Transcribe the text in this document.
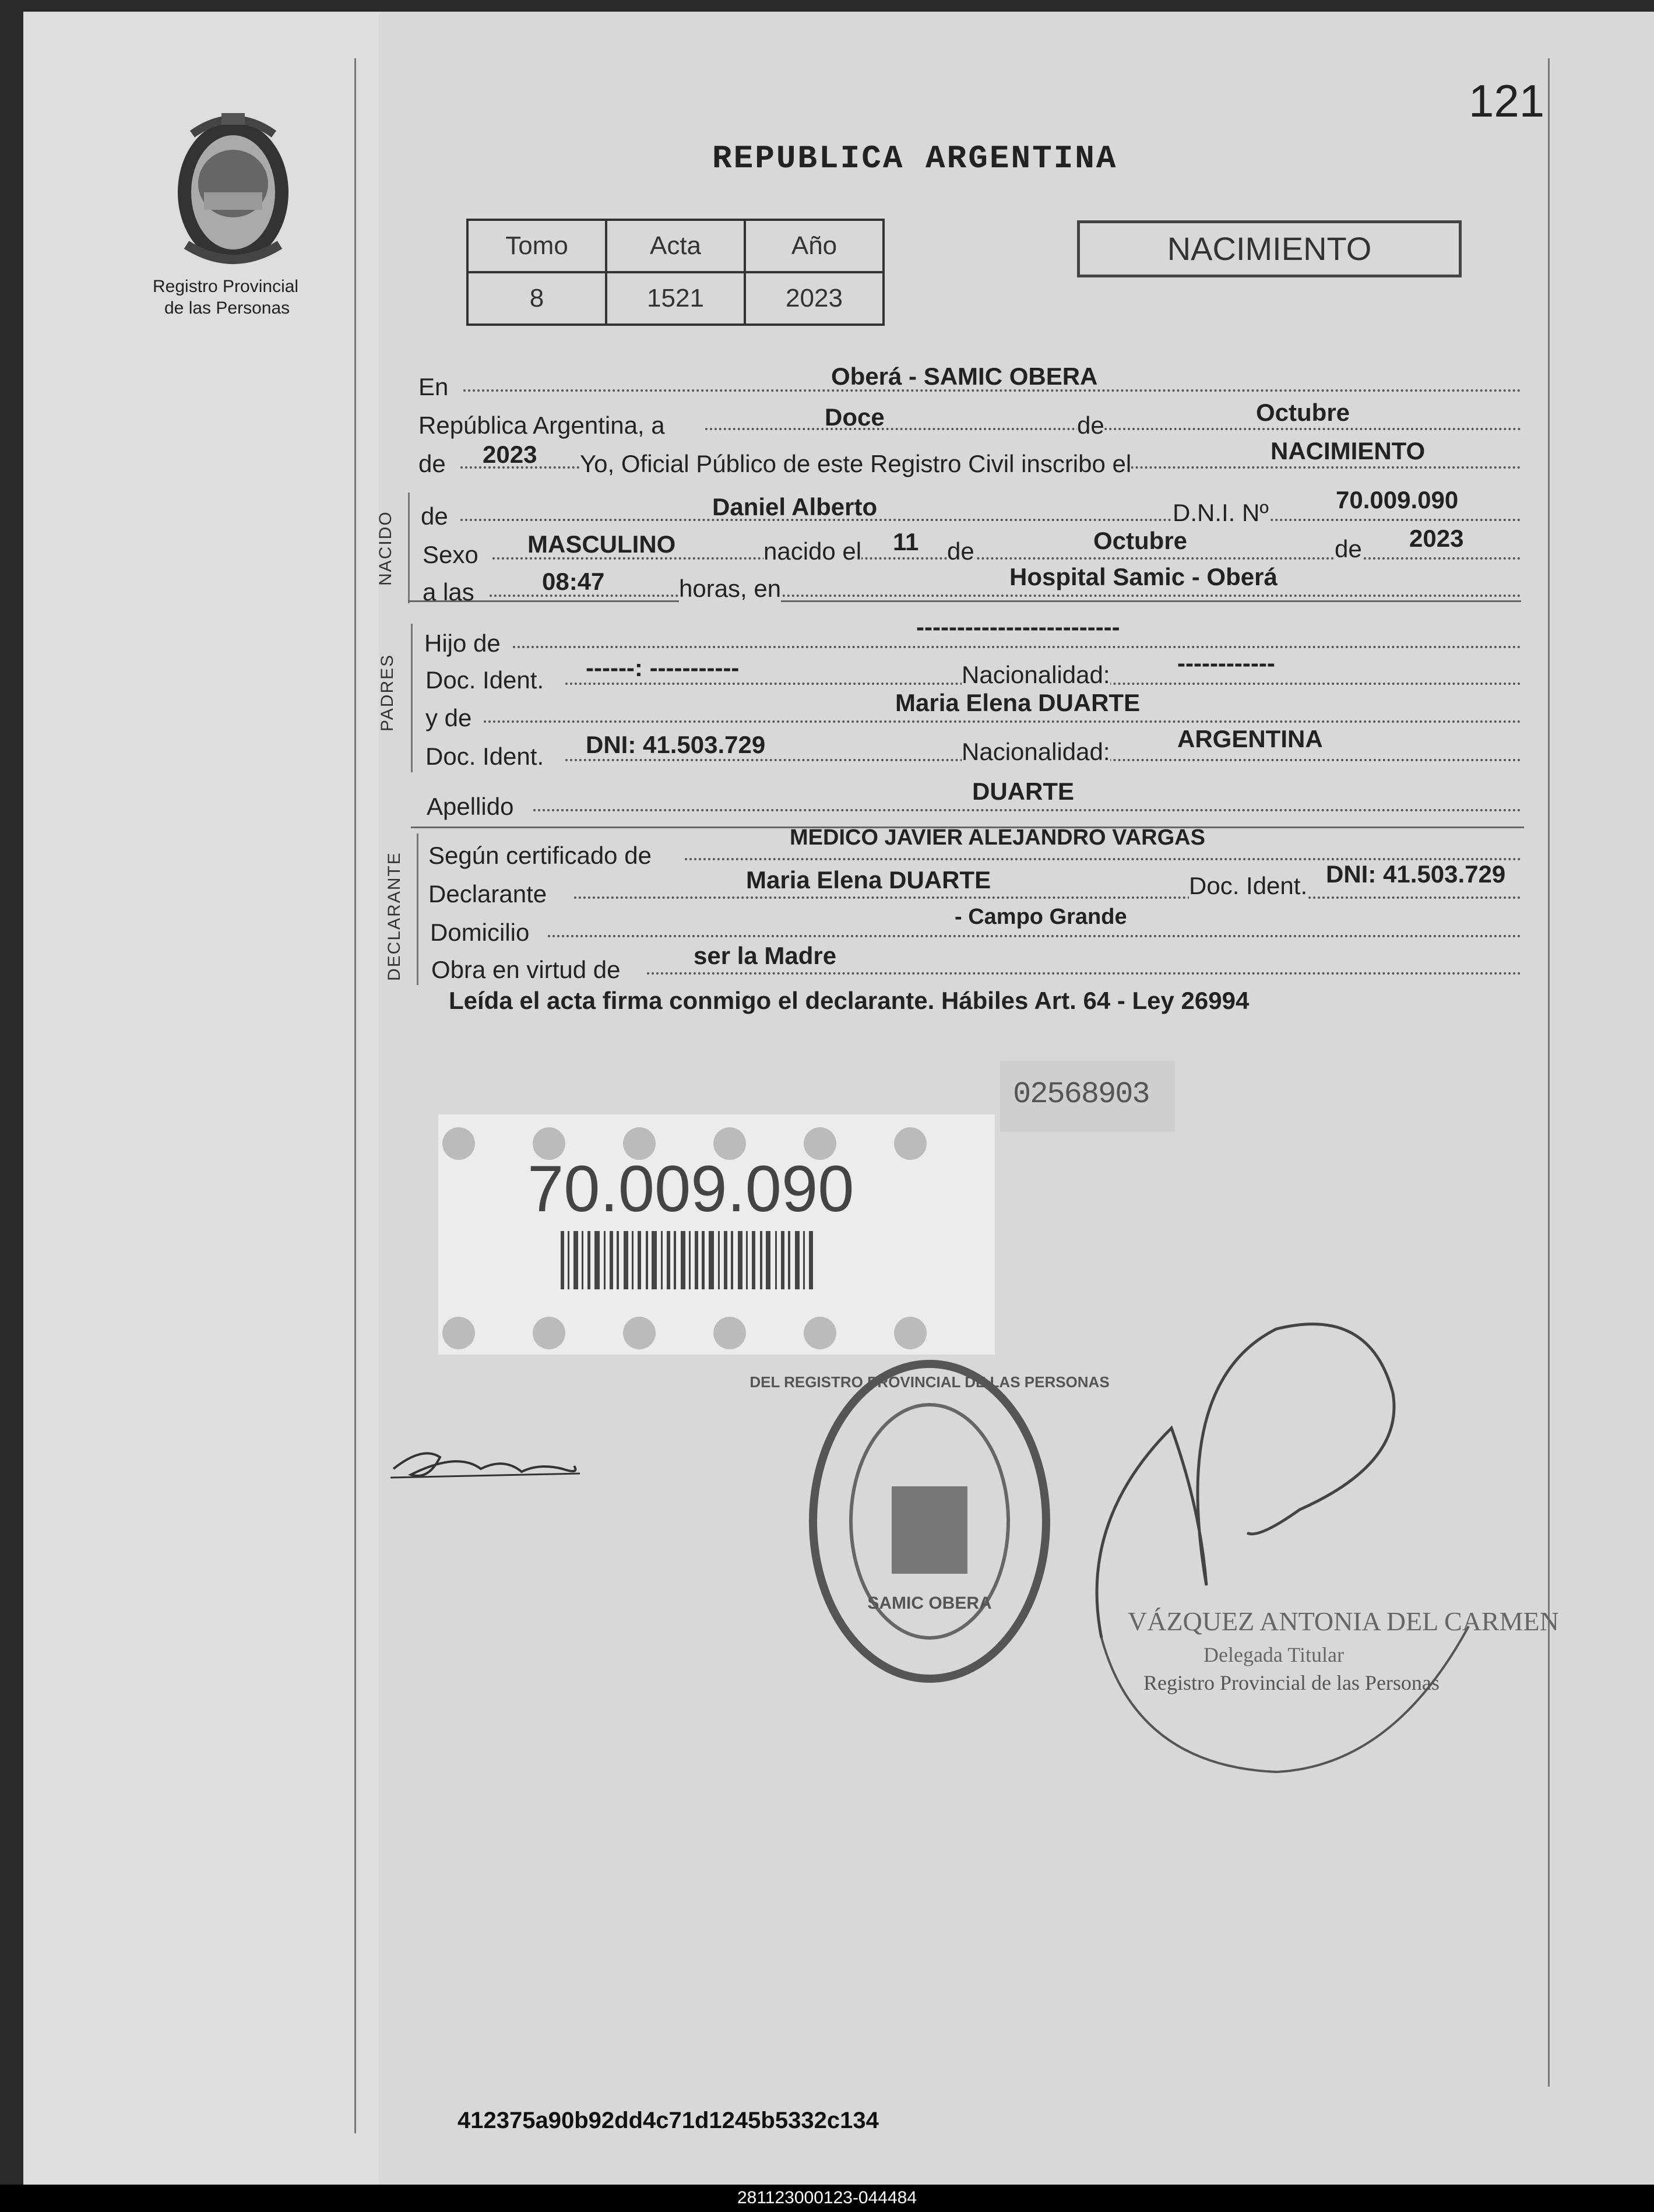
Registro Provincial
de las Personas
121
REPUBLICA ARGENTINA
Tomo	Acta	Año
8	1521	2023
NACIMIENTO
NACIDO
PADRES
DECLARANTE
En	Oberá - SAMIC OBERA
República Argentina, a	Doce	de	Octubre
de 2023 Yo, Oficial Público de este Registro Civil inscribo el	NACIMIENTO
de	Daniel Alberto	D.N.I. Nº	70.009.090
Sexo MASCULINO	nacido el 11 de	Octubre	de 2023
a las	08:47	horas, en	Hospital Samic - Oberá
Hijo de
-------------------------
Doc. Ident. ------: -----------	Nacionalidad:	------------
y de
Maria Elena DUARTE
Doc. Ident. DNI: 41.503.729	Nacionalidad:	ARGENTINA
Apellido
DUARTE
Según certificado de
MEDICO JAVIER ALEJANDRO VARGAS
Declarante
Maria Elena DUARTE	Doc. Ident. DNI: 41.503.729
Domicilio
- Campo Grande
Obra en virtud de
ser la Madre
Leída el acta firma conmigo el declarante. Hábiles Art. 64 - Ley 26994
02568903
70.009.090
DEL REGISTRO PROVINCIAL DE LAS PERSONAS
SAMIC OBERA
VÁZQUEZ ANTONIA DEL CARMEN
Delegada Titular
Registro Provincial de las Personas
412375a90b92dd4c71d1245b5332c134
281123000123-044484
